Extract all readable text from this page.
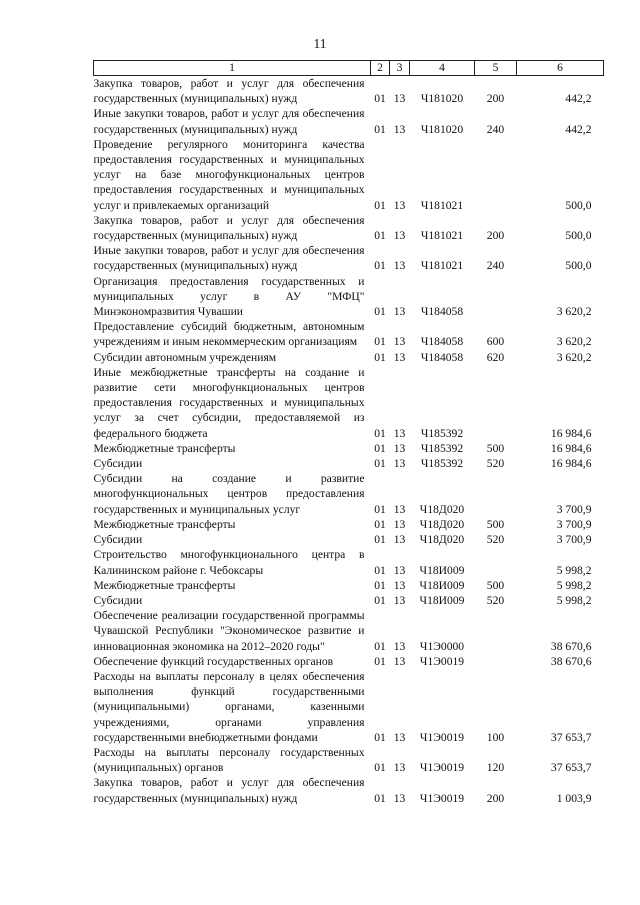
11
1	2	3	4	5	6
Закупка товаров, работ и услуг для обеспечения государственных (муниципальных) нужд	01	13	Ч181020	200	442,2
Иные закупки товаров, работ и услуг для обеспечения государственных (муниципальных) нужд	01	13	Ч181020	240	442,2
Проведение регулярного мониторинга качества предоставления государственных и муниципальных услуг на базе многофункциональных центров предоставления государственных и муниципальных услуг и привлекаемых организаций	01	13	Ч181021		500,0
Закупка товаров, работ и услуг для обеспечения государственных (муниципальных) нужд	01	13	Ч181021	200	500,0
Иные закупки товаров, работ и услуг для обеспечения государственных (муниципальных) нужд	01	13	Ч181021	240	500,0
Организация предоставления государственных и муниципальных услуг в АУ "МФЦ" Минэкономразвития Чувашии	01	13	Ч184058		3 620,2
Предоставление субсидий бюджетным, автономным учреждениям и иным некоммерческим организациям	01	13	Ч184058	600	3 620,2
Субсидии автономным учреждениям	01	13	Ч184058	620	3 620,2
Иные межбюджетные трансферты на создание и развитие сети многофункциональных центров предоставления государственных и муниципальных услуг за счет субсидии, предоставляемой из федерального бюджета	01	13	Ч185392		16 984,6
Межбюджетные трансферты	01	13	Ч185392	500	16 984,6
Субсидии	01	13	Ч185392	520	16 984,6
Субсидии на создание и развитие многофункциональных центров предоставления государственных и муниципальных услуг	01	13	Ч18Д020		3 700,9
Межбюджетные трансферты	01	13	Ч18Д020	500	3 700,9
Субсидии	01	13	Ч18Д020	520	3 700,9
Строительство многофункционального центра в Калининском районе г. Чебоксары	01	13	Ч18И009		5 998,2
Межбюджетные трансферты	01	13	Ч18И009	500	5 998,2
Субсидии	01	13	Ч18И009	520	5 998,2
Обеспечение реализации государственной программы Чувашской Республики "Экономическое развитие и инновационная экономика на 2012–2020 годы"	01	13	Ч1Э0000		38 670,6
Обеспечение функций государственных органов	01	13	Ч1Э0019		38 670,6
Расходы на выплаты персоналу в целях обеспечения выполнения функций государственными (муниципальными) органами, казенными учреждениями, органами управления государственными внебюджетными фондами	01	13	Ч1Э0019	100	37 653,7
Расходы на выплаты персоналу государственных (муниципальных) органов	01	13	Ч1Э0019	120	37 653,7
Закупка товаров, работ и услуг для обеспечения государственных (муниципальных) нужд	01	13	Ч1Э0019	200	1 003,9
